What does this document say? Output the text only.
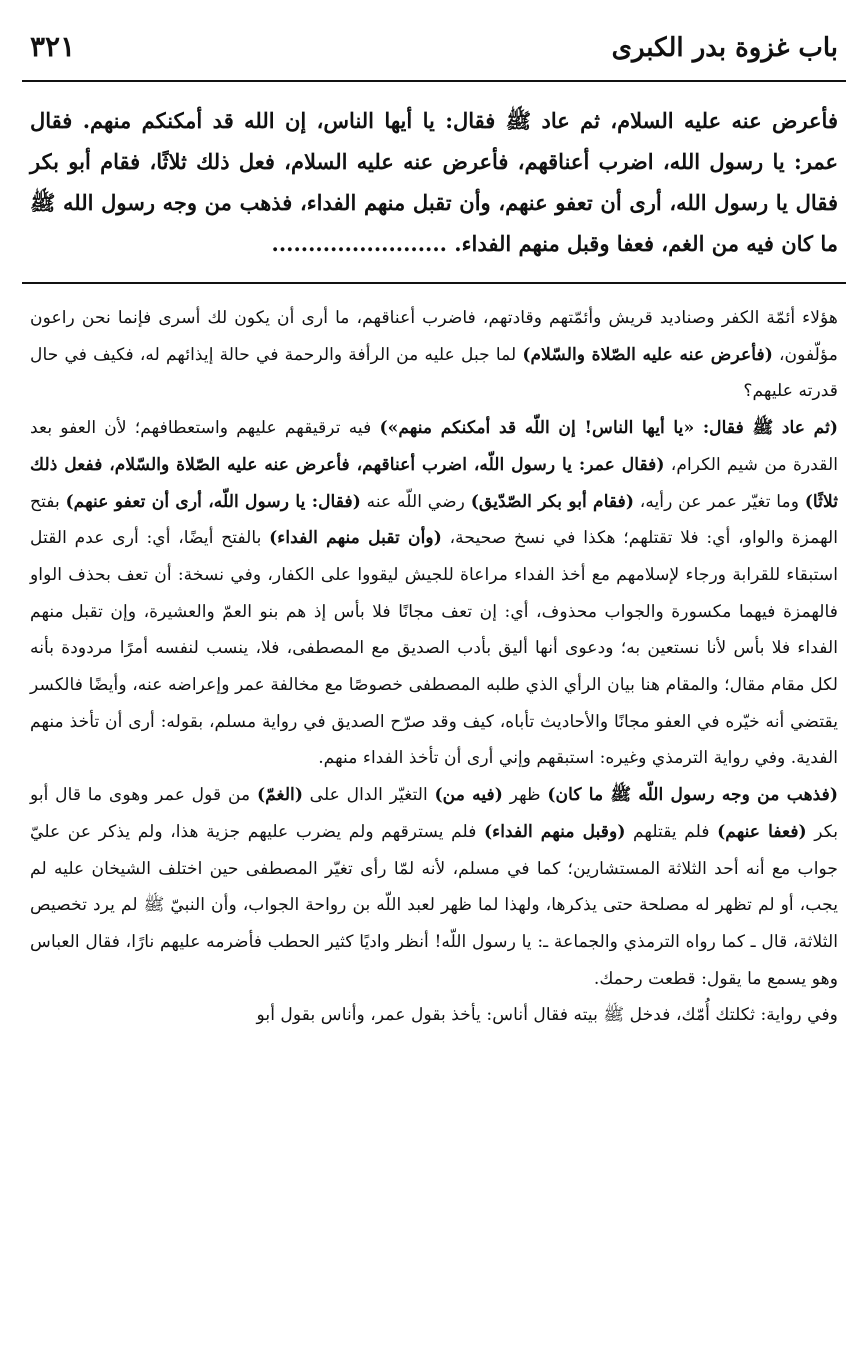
باب غزوة بدر الكبرى
٣٢١

فأعرض عنه عليه السلام، ثم عاد ﷺ فقال: يا أيها الناس، إن الله قد أمكنكم منهم. فقال عمر: يا رسول الله، اضرب أعناقهم، فأعرض عنه عليه السلام، فعل ذلك ثلاثًا، فقام أبو بكر فقال يا رسول الله، أرى أن تعفو عنهم، وأن تقبل منهم الفداء، فذهب من وجه رسول الله ﷺ ما كان فيه من الغم، فعفا وقبل منهم الفداء. ........................

هؤلاء أئمّة الكفر وصناديد قريش وأئمّتهم وقادتهم، فاضرب أعناقهم، ما أرى أن يكون لك أسرى فإنما نحن راعون مؤلّفون، (فأعرض عنه عليه الصّلاة والسّلام) لما جبل عليه من الرأفة والرحمة في حالة إيذائهم له، فكيف في حال قدرته عليهم؟

(ثم عاد ﷺ فقال: «يا أيها الناس! إن اللّه قد أمكنكم منهم») فيه ترقيقهم عليهم واستعطافهم؛ لأن العفو بعد القدرة من شيم الكرام، (فقال عمر: يا رسول اللّه، اضرب أعناقهم، فأعرض عنه عليه الصّلاة والسّلام، ففعل ذلك ثلاثًا) وما تغيّر عمر عن رأيه، (فقام أبو بكر الصّدّيق) رضي اللّه عنه (فقال: يا رسول اللّه، أرى أن تعفو عنهم) بفتح الهمزة والواو، أي: فلا تقتلهم؛ هكذا في نسخ صحيحة، (وأن تقبل منهم الفداء) بالفتح أيضًا، أي: أرى عدم القتل استبقاء للقرابة ورجاء لإسلامهم مع أخذ الفداء مراعاة للجيش ليقووا على الكفار، وفي نسخة: أن تعف بحذف الواو فالهمزة فيهما مكسورة والجواب محذوف، أي: إن تعف مجانًا فلا بأس إذ هم بنو العمّ والعشيرة، وإن تقبل منهم الفداء فلا بأس لأنا نستعين به؛ ودعوى أنها أليق بأدب الصديق مع المصطفى، فلا، ينسب لنفسه أمرًا مردودة بأنه لكل مقام مقال؛ والمقام هنا بيان الرأي الذي طلبه المصطفى خصوصًا مع مخالفة عمر وإعراضه عنه، وأيضًا فالكسر يقتضي أنه خيّره في العفو مجانًا والأحاديث تأباه، كيف وقد صرّح الصديق في رواية مسلم، بقوله: أرى أن تأخذ منهم الفدية. وفي رواية الترمذي وغيره: استبقهم وإني أرى أن تأخذ الفداء منهم.

(فذهب من وجه رسول اللّه ﷺ ما كان) ظهر (فيه من) التغيّر الدال على (الغمّ) من قول عمر وهوى ما قال أبو بكر (فعفا عنهم) فلم يقتلهم (وقبل منهم الفداء) فلم يسترقهم ولم يضرب عليهم جزية هذا، ولم يذكر عن عليّ جواب مع أنه أحد الثلاثة المستشارين؛ كما في مسلم، لأنه لمّا رأى تغيّر المصطفى حين اختلف الشيخان عليه لم يجب، أو لم تظهر له مصلحة حتى يذكرها، ولهذا لما ظهر لعبد اللّه بن رواحة الجواب، وأن النبيّ ﷺ لم يرد تخصيص الثلاثة، قال ـ كما رواه الترمذي والجماعة ـ: يا رسول اللّه! أنظر واديًا كثير الحطب فأضرمه عليهم نارًا، فقال العباس وهو يسمع ما يقول: قطعت رحمك.

وفي رواية: ثكلتك أُمّك، فدخل ﷺ بيته فقال أناس: يأخذ بقول عمر، وأناس بقول أبو
